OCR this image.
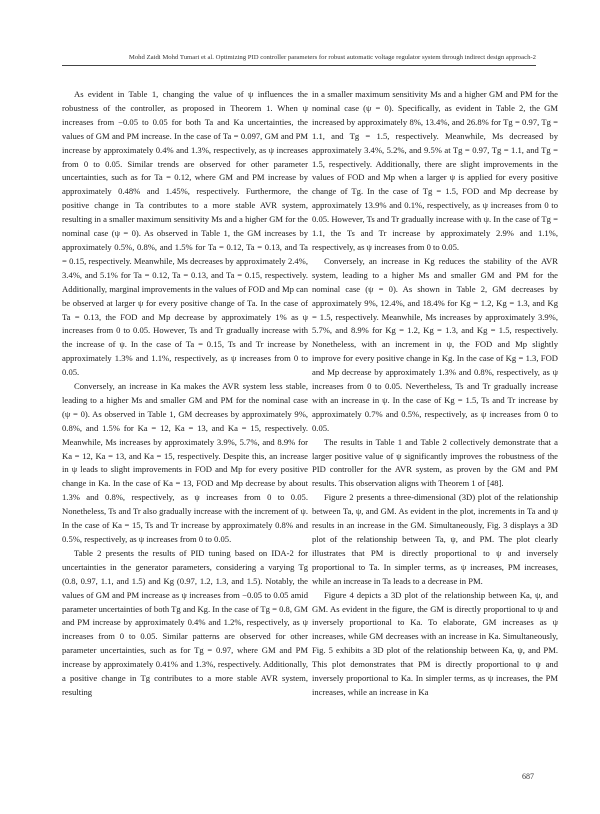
Mohd Zaidi Mohd Tumari et al. Optimizing PID controller parameters for robust automatic voltage regulator system through indirect design approach-2

As evident in Table 1, changing the value of ψ influences the robustness of the controller, as proposed in Theorem 1. When ψ increases from −0.05 to 0.05 for both Ta and Ka uncertainties, the values of GM and PM increase. In the case of Ta = 0.097, GM and PM increase by approximately 0.4% and 1.3%, respectively, as ψ increases from 0 to 0.05. Similar trends are observed for other parameter uncertainties, such as for Ta = 0.12, where GM and PM increase by approximately 0.48% and 1.45%, respectively. Furthermore, the positive change in Ta contributes to a more stable AVR system, resulting in a smaller maximum sensitivity Ms and a higher GM for the nominal case (ψ = 0). As observed in Table 1, the GM increases by approximately 0.5%, 0.8%, and 1.5% for Ta = 0.12, Ta = 0.13, and Ta = 0.15, respectively. Meanwhile, Ms decreases by approximately 2.4%, 3.4%, and 5.1% for Ta = 0.12, Ta = 0.13, and Ta = 0.15, respectively. Additionally, marginal improvements in the values of FOD and Mp can be observed at larger ψ for every positive change of Ta. In the case of Ta = 0.13, the FOD and Mp decrease by approximately 1% as ψ increases from 0 to 0.05. However, Ts and Tr gradually increase with the increase of ψ. In the case of Ta = 0.15, Ts and Tr increase by approximately 1.3% and 1.1%, respectively, as ψ increases from 0 to 0.05.

Conversely, an increase in Ka makes the AVR system less stable, leading to a higher Ms and smaller GM and PM for the nominal case (ψ = 0). As observed in Table 1, GM decreases by approximately 9%, 0.8%, and 1.5% for Ka = 12, Ka = 13, and Ka = 15, respectively. Meanwhile, Ms increases by approximately 3.9%, 5.7%, and 8.9% for Ka = 12, Ka = 13, and Ka = 15, respectively. Despite this, an increase in ψ leads to slight improvements in FOD and Mp for every positive change in Ka. In the case of Ka = 13, FOD and Mp decrease by about 1.3% and 0.8%, respectively, as ψ increases from 0 to 0.05. Nonetheless, Ts and Tr also gradually increase with the increment of ψ. In the case of Ka = 15, Ts and Tr increase by approximately 0.8% and 0.5%, respectively, as ψ increases from 0 to 0.05.

Table 2 presents the results of PID tuning based on IDA-2 for uncertainties in the generator parameters, considering a varying Tg (0.8, 0.97, 1.1, and 1.5) and Kg (0.97, 1.2, 1.3, and 1.5). Notably, the values of GM and PM increase as ψ increases from −0.05 to 0.05 amid parameter uncertainties of both Tg and Kg. In the case of Tg = 0.8, GM and PM increase by approximately 0.4% and 1.2%, respectively, as ψ increases from 0 to 0.05. Similar patterns are observed for other parameter uncertainties, such as for Tg = 0.97, where GM and PM increase by approximately 0.41% and 1.3%, respectively. Additionally, a positive change in Tg contributes to a more stable AVR system, resulting

in a smaller maximum sensitivity Ms and a higher GM and PM for the nominal case (ψ = 0). Specifically, as evident in Table 2, the GM increased by approximately 8%, 13.4%, and 26.8% for Tg = 0.97, Tg = 1.1, and Tg = 1.5, respectively. Meanwhile, Ms decreased by approximately 3.4%, 5.2%, and 9.5% at Tg = 0.97, Tg = 1.1, and Tg = 1.5, respectively. Additionally, there are slight improvements in the values of FOD and Mp when a larger ψ is applied for every positive change of Tg. In the case of Tg = 1.5, FOD and Mp decrease by approximately 13.9% and 0.1%, respectively, as ψ increases from 0 to 0.05. However, Ts and Tr gradually increase with ψ. In the case of Tg = 1.1, the Ts and Tr increase by approximately 2.9% and 1.1%, respectively, as ψ increases from 0 to 0.05.

Conversely, an increase in Kg reduces the stability of the AVR system, leading to a higher Ms and smaller GM and PM for the nominal case (ψ = 0). As shown in Table 2, GM decreases by approximately 9%, 12.4%, and 18.4% for Kg = 1.2, Kg = 1.3, and Kg = 1.5, respectively. Meanwhile, Ms increases by approximately 3.9%, 5.7%, and 8.9% for Kg = 1.2, Kg = 1.3, and Kg = 1.5, respectively. Nonetheless, with an increment in ψ, the FOD and Mp slightly improve for every positive change in Kg. In the case of Kg = 1.3, FOD and Mp decrease by approximately 1.3% and 0.8%, respectively, as ψ increases from 0 to 0.05. Nevertheless, Ts and Tr gradually increase with an increase in ψ. In the case of Kg = 1.5, Ts and Tr increase by approximately 0.7% and 0.5%, respectively, as ψ increases from 0 to 0.05.

The results in Table 1 and Table 2 collectively demonstrate that a larger positive value of ψ significantly improves the robustness of the PID controller for the AVR system, as proven by the GM and PM results. This observation aligns with Theorem 1 of [48].

Figure 2 presents a three-dimensional (3D) plot of the relationship between Ta, ψ, and GM. As evident in the plot, increments in Ta and ψ results in an increase in the GM. Simultaneously, Fig. 3 displays a 3D plot of the relationship between Ta, ψ, and PM. The plot clearly illustrates that PM is directly proportional to ψ and inversely proportional to Ta. In simpler terms, as ψ increases, PM increases, while an increase in Ta leads to a decrease in PM.

Figure 4 depicts a 3D plot of the relationship between Ka, ψ, and GM. As evident in the figure, the GM is directly proportional to ψ and inversely proportional to Ka. To elaborate, GM increases as ψ increases, while GM decreases with an increase in Ka. Simultaneously, Fig. 5 exhibits a 3D plot of the relationship between Ka, ψ, and PM. This plot demonstrates that PM is directly proportional to ψ and inversely proportional to Ka. In simpler terms, as ψ increases, the PM increases, while an increase in Ka

687
